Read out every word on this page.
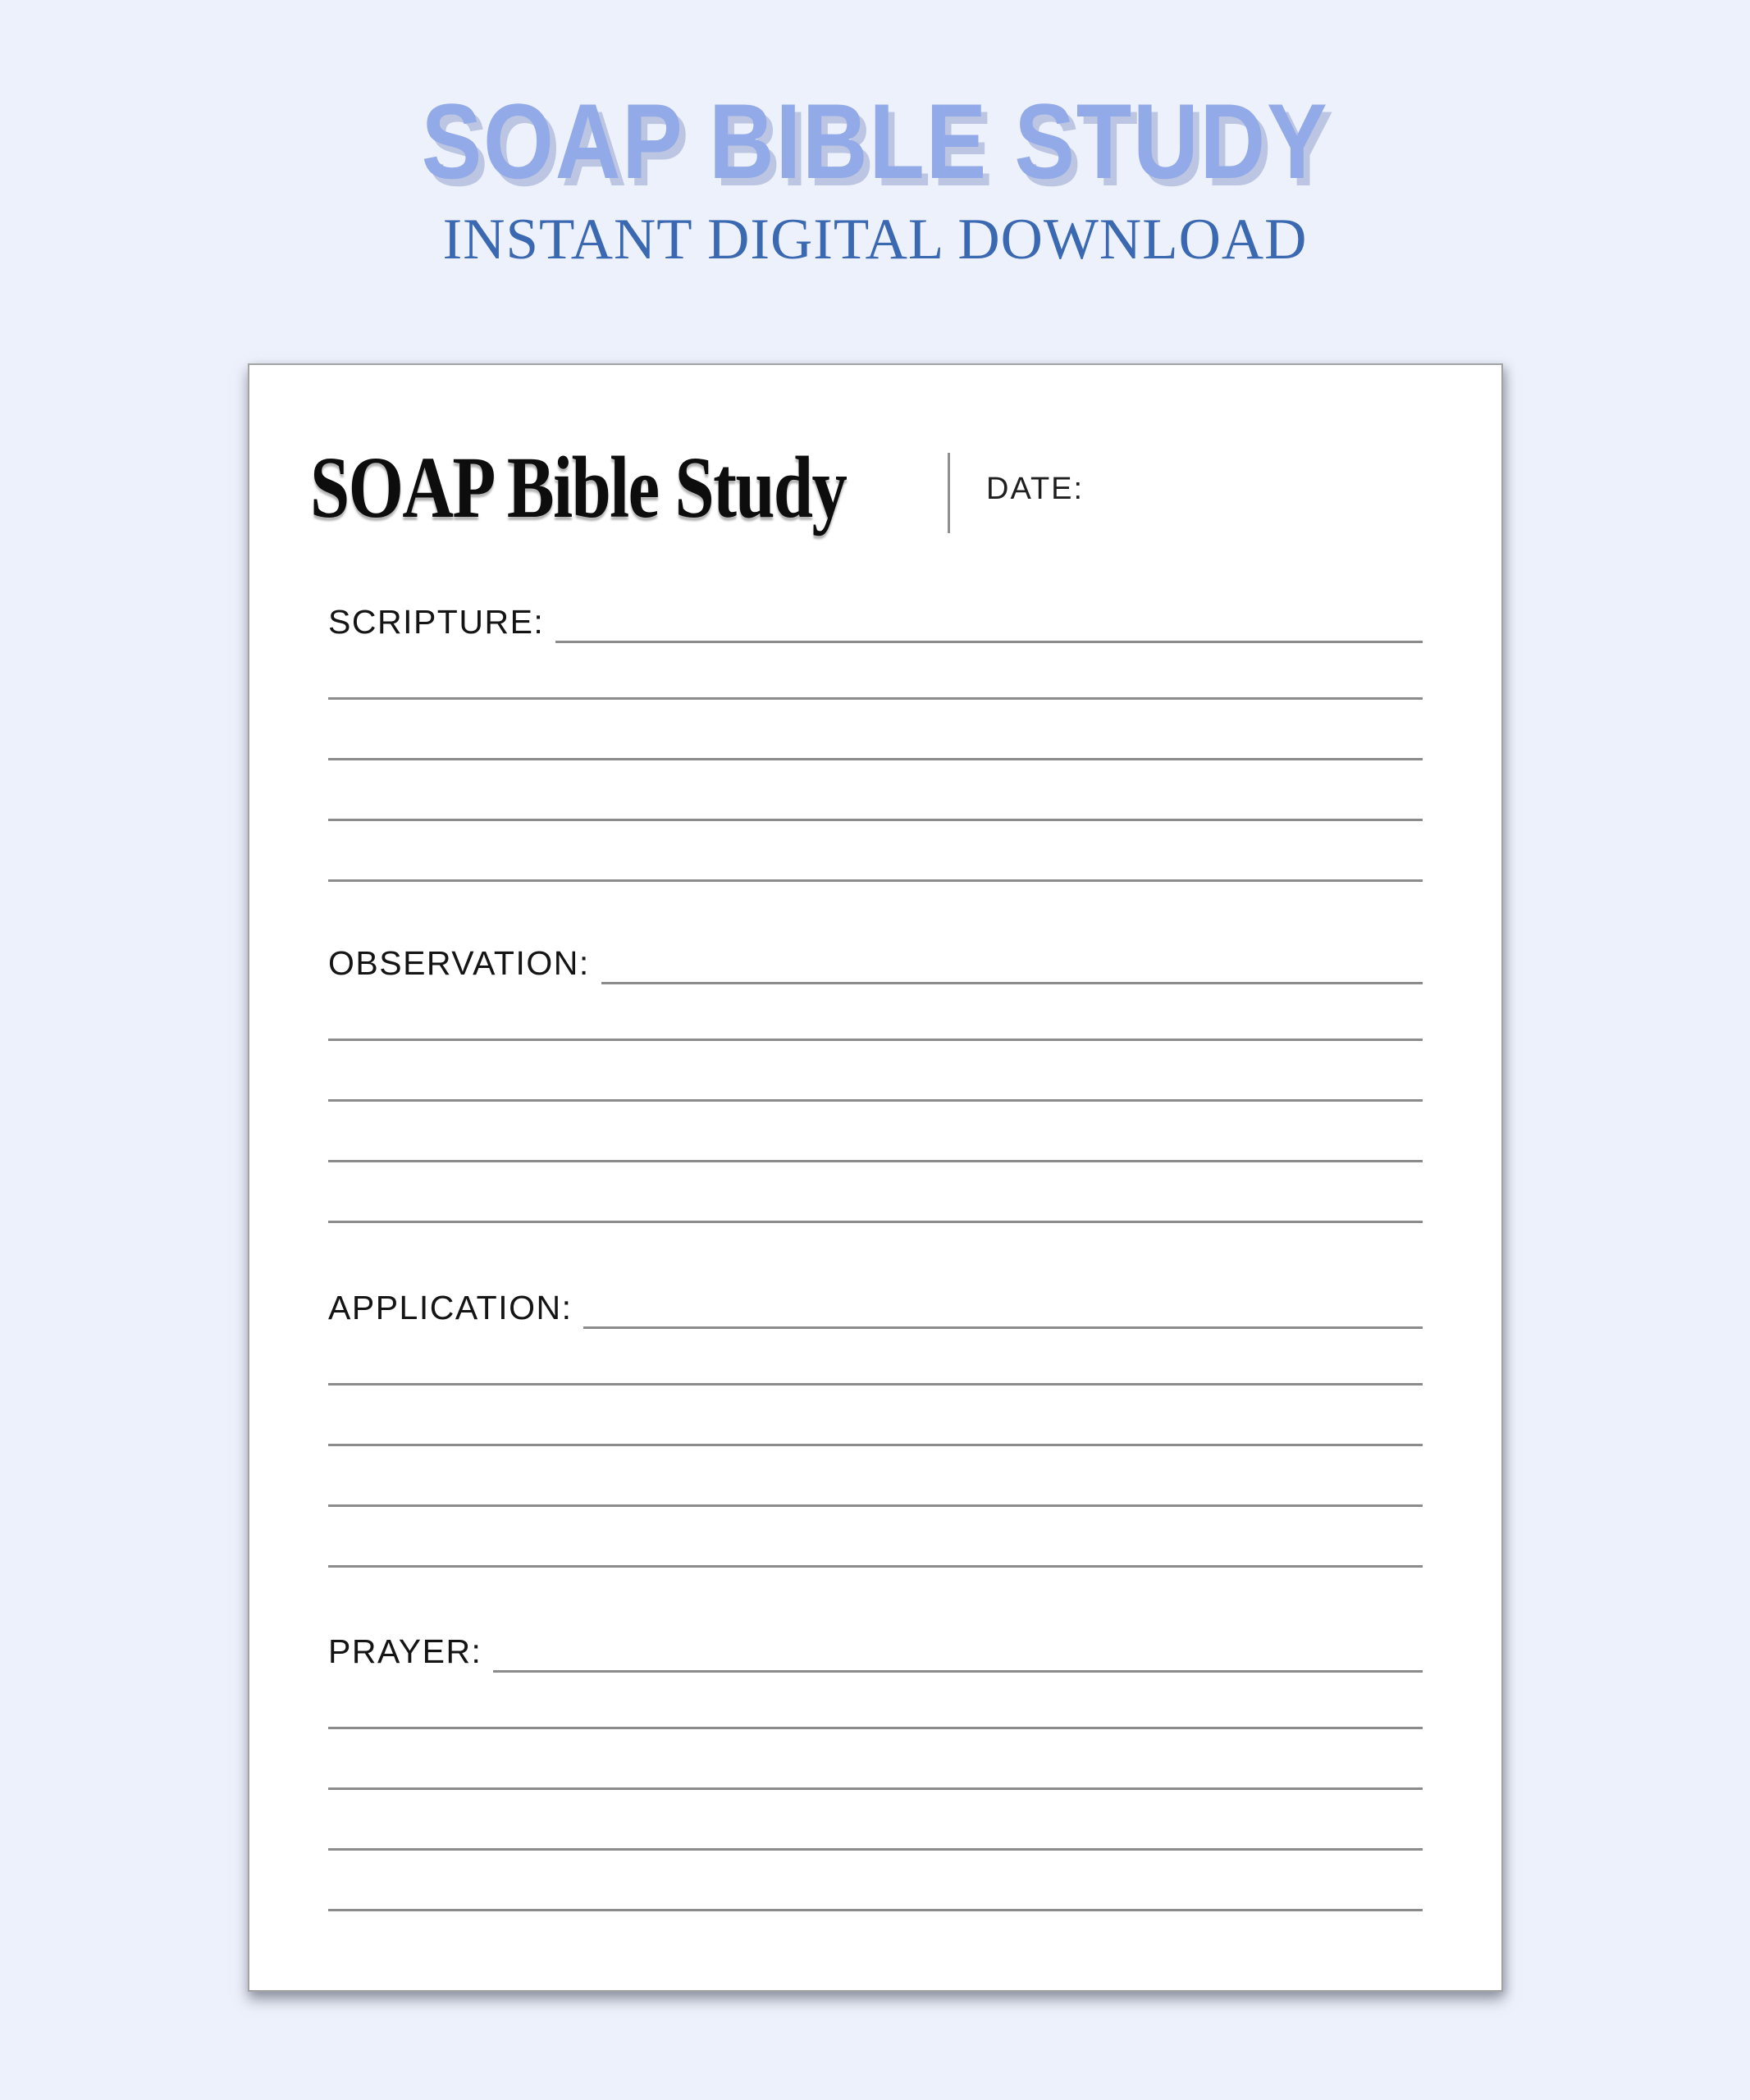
SOAP BIBLE STUDY
INSTANT DIGITAL DOWNLOAD
SOAP Bible Study	DATE:
SCRIPTURE:
OBSERVATION:
APPLICATION:
PRAYER:
